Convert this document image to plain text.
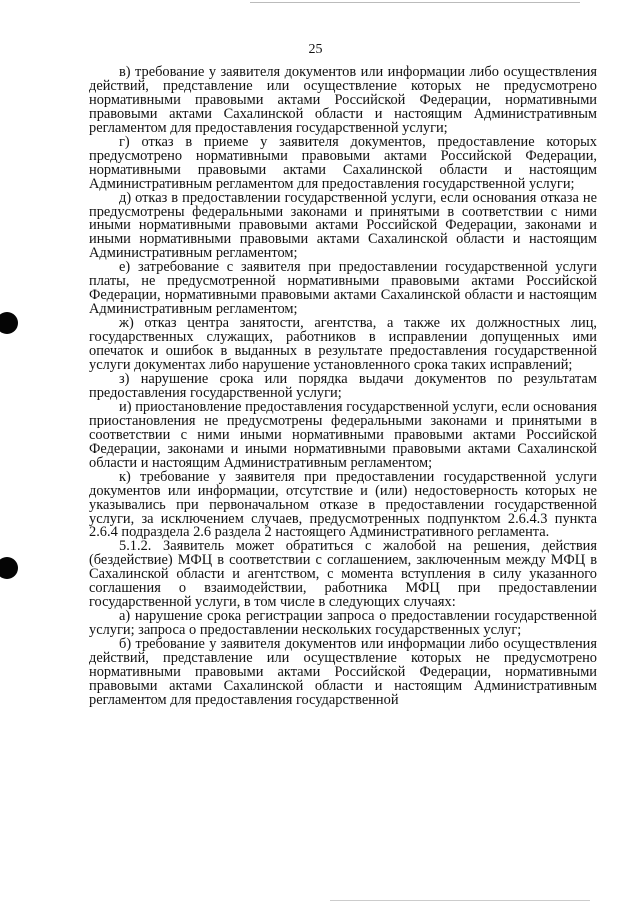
25

в) требование у заявителя документов или информации либо осуществления действий, представление или осуществление которых не предусмотрено нормативными правовыми актами Российской Федерации, нормативными правовыми актами Сахалинской области и настоящим Административным регламентом для предоставления государственной услуги;

г) отказ в приеме у заявителя документов, предоставление которых предусмотрено нормативными правовыми актами Российской Федерации, нормативными правовыми актами Сахалинской области и настоящим Административным регламентом для предоставления государственной услуги;

д) отказ в предоставлении государственной услуги, если основания отказа не предусмотрены федеральными законами и принятыми в соответствии с ними иными нормативными правовыми актами Российской Федерации, законами и иными нормативными правовыми актами Сахалинской области и настоящим Административным регламентом;

е) затребование с заявителя при предоставлении государственной услуги платы, не предусмотренной нормативными правовыми актами Российской Федерации, нормативными правовыми актами Сахалинской области и настоящим Административным регламентом;

ж) отказ центра занятости, агентства, а также их должностных лиц, государственных служащих, работников в исправлении допущенных ими опечаток и ошибок в выданных в результате предоставления государственной услуги документах либо нарушение установленного срока таких исправлений;

з) нарушение срока или порядка выдачи документов по результатам предоставления государственной услуги;

и) приостановление предоставления государственной услуги, если основания приостановления не предусмотрены федеральными законами и принятыми в соответствии с ними иными нормативными правовыми актами Российской Федерации, законами и иными нормативными правовыми актами Сахалинской области и настоящим Административным регламентом;

к) требование у заявителя при предоставлении государственной услуги документов или информации, отсутствие и (или) недостоверность которых не указывались при первоначальном отказе в предоставлении государственной услуги, за исключением случаев, предусмотренных подпунктом 2.6.4.3 пункта 2.6.4 подраздела 2.6 раздела 2 настоящего Административного регламента.

5.1.2. Заявитель может обратиться с жалобой на решения, действия (бездействие) МФЦ в соответствии с соглашением, заключенным между МФЦ в Сахалинской области и агентством, с момента вступления в силу указанного соглашения о взаимодействии, работника МФЦ при предоставлении государственной услуги, в том числе в следующих случаях:

а) нарушение срока регистрации запроса о предоставлении государственной услуги; запроса о предоставлении нескольких государственных услуг;

б) требование у заявителя документов или информации либо осуществления действий, представление или осуществление которых не предусмотрено нормативными правовыми актами Российской Федерации, нормативными правовыми актами Сахалинской области и настоящим Административным регламентом для предоставления государственной
